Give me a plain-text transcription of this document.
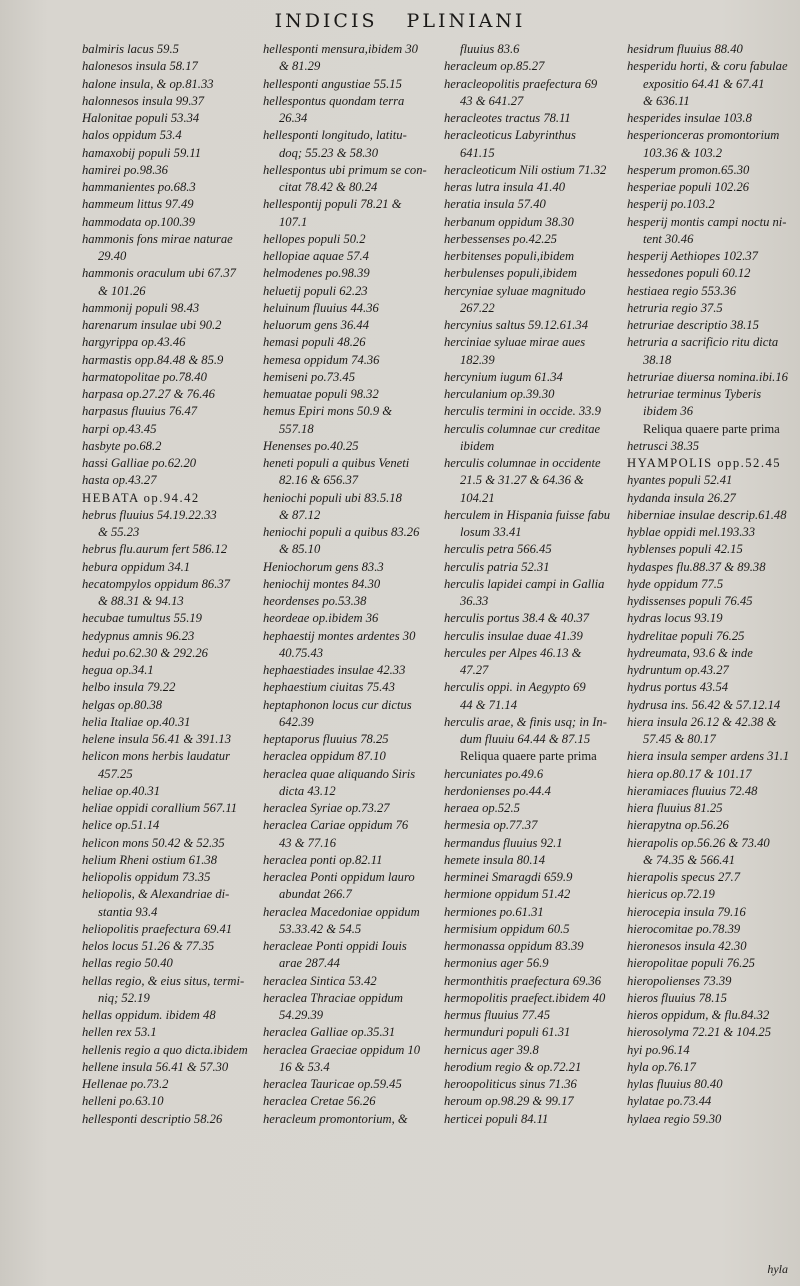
INDICIS PLINIANI
balmiris lacus 59.5
halonesos insula 58.17
halone insula, & op.81.33
halonnesos insula 99.37
Halonitae populi 53.34
halos oppidum 53.4
hamaxobij populi 59.11
hamirei po.98.36
hammanientes po.68.3
hammeum littus 97.49
hammodata op.100.39
hammonis fons mirae naturae
29.40
hammonis oraculum ubi 67.37
& 101.26
hammonij populi 98.43
harenarum insulae ubi 90.2
hargyrippa op.43.46
harmastis opp.84.48 & 85.9
harmatopolitae po.78.40
harpasa op.27.27 & 76.46
harpasus fluuius 76.47
harpi op.43.45
hasbyte po.68.2
hassi Galliae po.62.20
hasta op.43.27
HEBATA op.94.42
hebrus fluuius 54.19.22.33
& 55.23
hebrus flu.aurum fert 586.12
hebura oppidum 34.1
hecatompylos oppidum 86.37
& 88.31 & 94.13
hecubae tumultus 55.19
hedypnus amnis 96.23
hedui po.62.30 & 292.26
hegua op.34.1
helbo insula 79.22
helgas op.80.38
helia Italiae op.40.31
helene insula 56.41 & 391.13
helicon mons herbis laudatur
457.25
heliae op.40.31
heliae oppidi corallium 567.11
helice op.51.14
helicon mons 50.42 & 52.35
helium Rheni ostium 61.38
heliopolis oppidum 73.35
heliopolis, & Alexandriae di-
stantia 93.4
heliopolitis praefectura 69.41
helos locus 51.26 & 77.35
hellas regio 50.40
hellas regio, & eius situs, termi-
niq; 52.19
hellas oppidum. ibidem 48
hellen rex 53.1
hellenis regio a quo dicta.ibidem
hellene insula 56.41 & 57.30
Hellenae po.73.2
helleni po.63.10
hellesponti descriptio 58.26
hellesponti mensura,ibidem 30
& 81.29
hellesponti angustiae 55.15
hellespontus quondam terra
26.34
hellesponti longitudo, latitu-
doq; 55.23 & 58.30
hellespontus ubi primum se con-
citat 78.42 & 80.24
hellespontij populi 78.21 &
107.1
hellopes populi 50.2
hellopiae aquae 57.4
helmodenes po.98.39
heluetij populi 62.23
heluinum fluuius 44.36
heluorum gens 36.44
hemasi populi 48.26
hemesa oppidum 74.36
hemiseni po.73.45
hemuatae populi 98.32
hemus Epiri mons 50.9 &
557.18
Henenses po.40.25
heneti populi a quibus Veneti
82.16 & 656.37
heniochi populi ubi 83.5.18
& 87.12
heniochi populi a quibus 83.26
& 85.10
Heniochorum gens 83.3
heniochij montes 84.30
heordenses po.53.38
heordeae op.ibidem 36
hephaestij montes ardentes 30
40.75.43
hephaestiades insulae 42.33
hephaestium ciuitas 75.43
heptaphonon locus cur dictus
642.39
heptaporus fluuius 78.25
heraclea oppidum 87.10
heraclea quae aliquando Siris
dicta 43.12
heraclea Syriae op.73.27
heraclea Cariae oppidum 76
43 & 77.16
heraclea ponti op.82.11
heraclea Ponti oppidum lauro
abundat 266.7
heraclea Macedoniae oppidum
53.33.42 & 54.5
heracleae Ponti oppidi Iouis
arae 287.44
heraclea Sintica 53.42
heraclea Thraciae oppidum
54.29.39
heraclea Galliae op.35.31
heraclea Graeciae oppidum 10
16 & 53.4
heraclea Tauricae op.59.45
heraclea Cretae 56.26
heracleum promontorium, &
fluuius 83.6
heracleum op.85.27
heracleopolitis praefectura 69
43 & 641.27
heracleotes tractus 78.11
heracleoticus Labyrinthus
641.15
heracleoticum Nili ostium 71.32
heras lutra insula 41.40
heratia insula 57.40
herbanum oppidum 38.30
herbessenses po.42.25
herbitenses populi,ibidem
herbulenses populi,ibidem
hercyniae syluae magnitudo
267.22
hercynius saltus 59.12.61.34
herciniae syluae mirae aues
182.39
hercynium iugum 61.34
herculanium op.39.30
herculis termini in occide. 33.9
herculis columnae cur creditae
ibidem
herculis columnae in occidente
21.5 & 31.27 & 64.36 &
104.21
herculem in Hispania fuisse fabu
losum 33.41
herculis petra 566.45
herculis patria 52.31
herculis lapidei campi in Gallia
36.33
herculis portus 38.4 & 40.37
herculis insulae duae 41.39
hercules per Alpes 46.13 &
47.27
herculis oppi. in Aegypto 69
44 & 71.14
herculis arae, & finis usq; in In-
dum fluuiu 64.44 & 87.15
Reliqua quaere parte prima
hercuniates po.49.6
herdonienses po.44.4
heraea op.52.5
hermesia op.77.37
hermandus fluuius 92.1
hemete insula 80.14
herminei Smaragdi 659.9
hermione oppidum 51.42
hermiones po.61.31
hermisium oppidum 60.5
hermonassa oppidum 83.39
hermonius ager 56.9
hermonthitis praefectura 69.36
hermopolitis praefect.ibidem 40
hermus fluuius 77.45
hermunduri populi 61.31
hernicus ager 39.8
herodium regio & op.72.21
heroopoliticus sinus 71.36
heroum op.98.29 & 99.17
herticei populi 84.11
hesidrum fluuius 88.40
hesperidu horti, & coru fabulae
expositio 64.41 & 67.41
& 636.11
hesperides insulae 103.8
hesperionceras promontorium
103.36 & 103.2
hesperum promon.65.30
hesperiae populi 102.26
hesperij po.103.2
hesperij montis campi noctu ni-
tent 30.46
hesperij Aethiopes 102.37
hessedones populi 60.12
hestiaea regio 553.36
hetruria regio 37.5
hetruriae descriptio 38.15
hetruria a sacrificio ritu dicta
38.18
hetruriae diuersa nomina.ibi.16
hetruriae terminus Tyberis
ibidem 36
Reliqua quaere parte prima
hetrusci 38.35
HYAMPOLIS opp.52.45
hyantes populi 52.41
hydanda insula 26.27
hiberniae insulae descrip.61.48
hyblae oppidi mel.193.33
hyblenses populi 42.15
hydaspes flu.88.37 & 89.38
hyde oppidum 77.5
hydissenses populi 76.45
hydras locus 93.19
hydrelitae populi 76.25
hydreumata, 93.6 & inde
hydruntum op.43.27
hydrus portus 43.54
hydrusa ins. 56.42 & 57.12.14
hiera insula 26.12 & 42.38 &
57.45 & 80.17
hiera insula semper ardens 31.1
hiera op.80.17 & 101.17
hieramiaces fluuius 72.48
hiera fluuius 81.25
hierapytna op.56.26
hierapolis op.56.26 & 73.40
& 74.35 & 566.41
hierapolis specus 27.7
hiericus op.72.19
hierocepia insula 79.16
hierocomitae po.78.39
hieronesos insula 42.30
hieropolitae populi 76.25
hieropolienses 73.39
hieros fluuius 78.15
hieros oppidum, & flu.84.32
hierosolyma 72.21 & 104.25
hyi po.96.14
hyla op.76.17
hylas fluuius 80.40
hylatae po.73.44
hylaea regio 59.30
hyla
